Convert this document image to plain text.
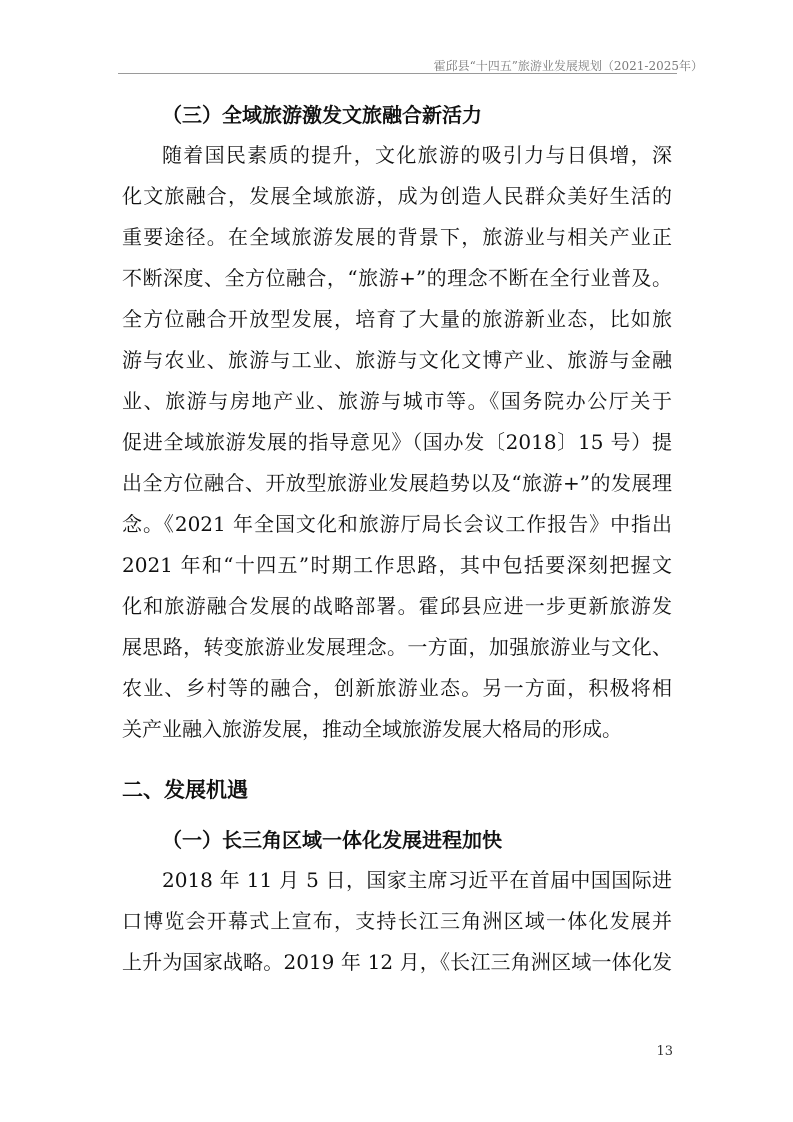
霍邱县“十四五”旅游业发展规划（2021-2025年）
（三）全域旅游激发文旅融合新活力
随着国民素质的提升，文化旅游的吸引力与日俱增，深
化文旅融合，发展全域旅游，成为创造人民群众美好生活的
重要途径。在全域旅游发展的背景下，旅游业与相关产业正
不断深度、全方位融合，“旅游+”的理念不断在全行业普及。
全方位融合开放型发展，培育了大量的旅游新业态，比如旅
游与农业、旅游与工业、旅游与文化文博产业、旅游与金融
业、旅游与房地产业、旅游与城市等。《国务院办公厅关于
促进全域旅游发展的指导意见》（国办发〔2018〕15 号）提
出全方位融合、开放型旅游业发展趋势以及“旅游+”的发展理
念。《2021 年全国文化和旅游厅局长会议工作报告》中指出
2021 年和“十四五”时期工作思路，其中包括要深刻把握文
化和旅游融合发展的战略部署。霍邱县应进一步更新旅游发
展思路，转变旅游业发展理念。一方面，加强旅游业与文化、
农业、乡村等的融合，创新旅游业态。另一方面，积极将相
关产业融入旅游发展，推动全域旅游发展大格局的形成。
二、发展机遇
（一）长三角区域一体化发展进程加快
2018 年 11 月 5 日，国家主席习近平在首届中国国际进
口博览会开幕式上宣布，支持长江三角洲区域一体化发展并
上升为国家战略。2019 年 12 月，《长江三角洲区域一体化发
13
